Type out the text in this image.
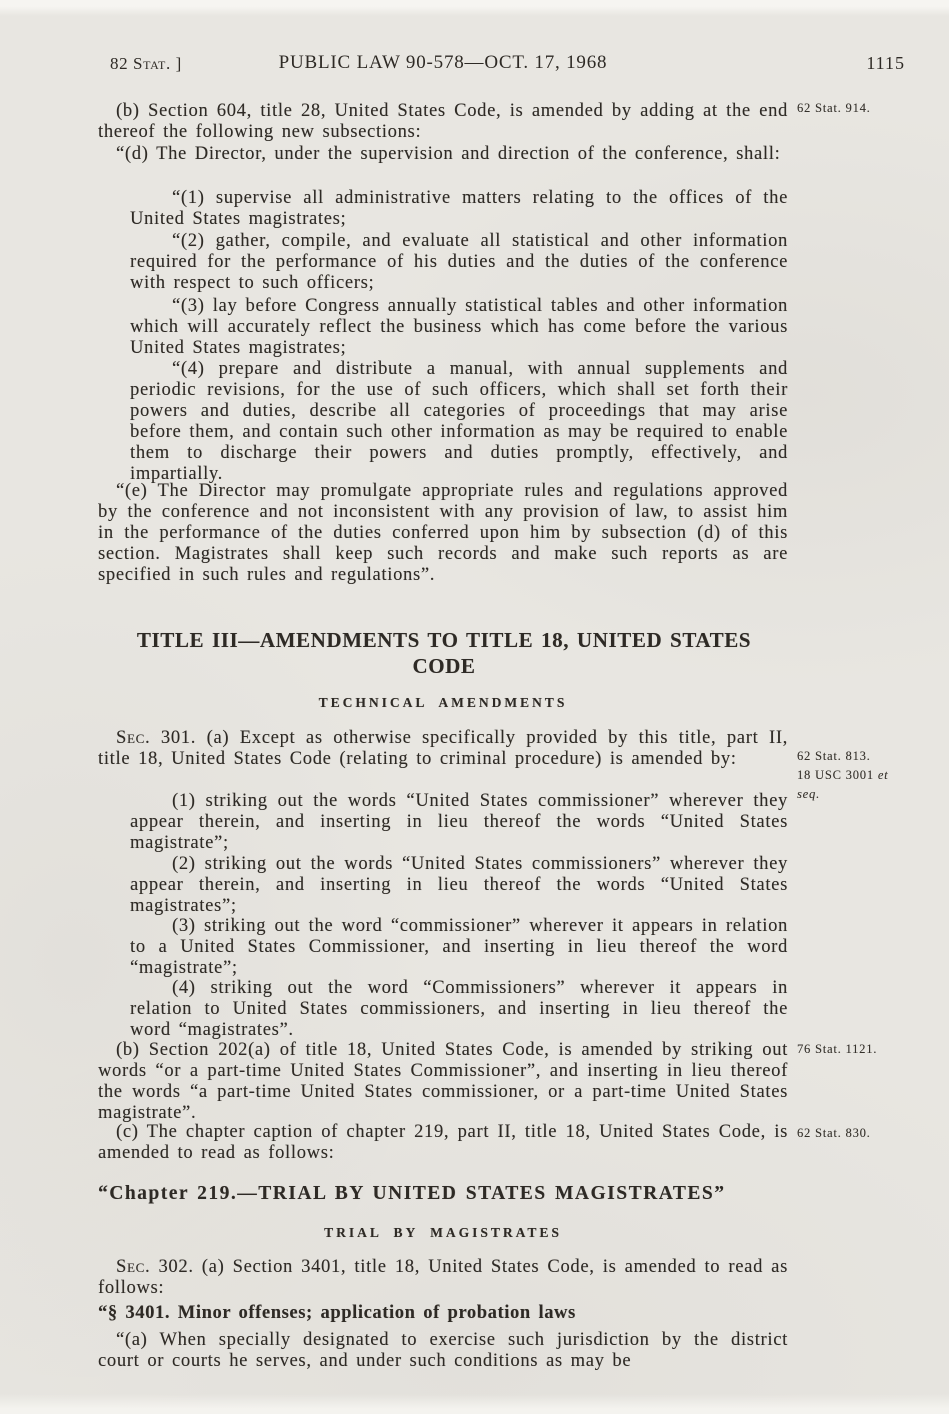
82 Stat. ]	PUBLIC LAW 90-578—OCT. 17, 1968	1115

(b) Section 604, title 28, United States Code, is amended by adding at the end thereof the following new subsections:

“(d) The Director, under the supervision and direction of the conference, shall:

“(1) supervise all administrative matters relating to the offices of the United States magistrates;

“(2) gather, compile, and evaluate all statistical and other information required for the performance of his duties and the duties of the conference with respect to such officers;

“(3) lay before Congress annually statistical tables and other information which will accurately reflect the business which has come before the various United States magistrates;

“(4) prepare and distribute a manual, with annual supplements and periodic revisions, for the use of such officers, which shall set forth their powers and duties, describe all categories of proceedings that may arise before them, and contain such other information as may be required to enable them to discharge their powers and duties promptly, effectively, and impartially.

“(e) The Director may promulgate appropriate rules and regulations approved by the conference and not inconsistent with any provision of law, to assist him in the performance of the duties conferred upon him by subsection (d) of this section. Magistrates shall keep such records and make such reports as are specified in such rules and regulations”.

TITLE III—AMENDMENTS TO TITLE 18, UNITED STATES CODE
TECHNICAL AMENDMENTS

Sec. 301. (a) Except as otherwise specifically provided by this title, part II, title 18, United States Code (relating to criminal procedure) is amended by:

(1) striking out the words “United States commissioner” wherever they appear therein, and inserting in lieu thereof the words “United States magistrate”;

(2) striking out the words “United States commissioners” wherever they appear therein, and inserting in lieu thereof the words “United States magistrates”;

(3) striking out the word “commissioner” wherever it appears in relation to a United States Commissioner, and inserting in lieu thereof the word “magistrate”;

(4) striking out the word “Commissioners” wherever it appears in relation to United States commissioners, and inserting in lieu thereof the word “magistrates”.

(b) Section 202(a) of title 18, United States Code, is amended by striking out words “or a part-time United States Commissioner”, and inserting in lieu thereof the words “a part-time United States commissioner, or a part-time United States magistrate”.

(c) The chapter caption of chapter 219, part II, title 18, United States Code, is amended to read as follows:

“Chapter 219.—TRIAL BY UNITED STATES MAGISTRATES”
TRIAL BY MAGISTRATES

Sec. 302. (a) Section 3401, title 18, United States Code, is amended to read as follows:

“§ 3401. Minor offenses; application of probation laws

“(a) When specially designated to exercise such jurisdiction by the district court or courts he serves, and under such conditions as may be

62 Stat. 914.
62 Stat. 813.
18 USC 3001 et
seq.
76 Stat. 1121.
62 Stat. 830.
